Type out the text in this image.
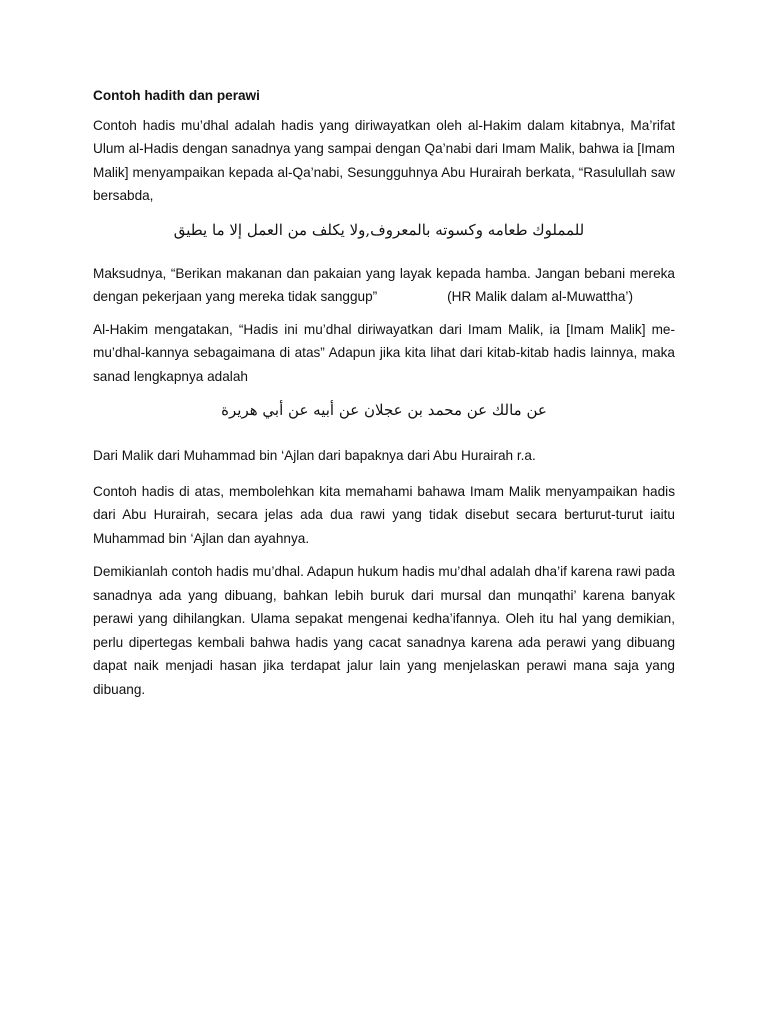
Contoh hadith dan perawi

Contoh hadis mu’dhal adalah hadis yang diriwayatkan oleh al-Hakim dalam kitabnya, Ma’rifat Ulum al-Hadis dengan sanadnya yang sampai dengan Qa’nabi dari Imam Malik, bahwa ia [Imam Malik] menyampaikan kepada al-Qa’nabi, Sesungguhnya Abu Hurairah berkata, “Rasulullah saw bersabda,

للمملوك طعامه وكسوته بالمعروف,ولا يكلف من العمل إلا ما يطيق

Maksudnya, “Berikan makanan dan pakaian yang layak kepada hamba. Jangan bebani mereka dengan pekerjaan yang mereka tidak sanggup”	(HR Malik dalam al-Muwattha’)

Al-Hakim mengatakan, “Hadis ini mu’dhal diriwayatkan dari Imam Malik, ia [Imam Malik] me-mu’dhal-kannya sebagaimana di atas” Adapun jika kita lihat dari kitab-kitab hadis lainnya, maka sanad lengkapnya adalah

عن مالك عن محمد بن عجلان عن أبيه عن أبي هريرة

Dari Malik dari Muhammad bin ‘Ajlan dari bapaknya dari Abu Hurairah r.a.

Contoh hadis di atas, membolehkan kita memahami bahawa Imam Malik menyampaikan hadis dari Abu Hurairah, secara jelas ada dua rawi yang tidak disebut secara berturut-turut iaitu Muhammad bin ‘Ajlan dan ayahnya.

Demikianlah contoh hadis mu’dhal. Adapun hukum hadis mu’dhal adalah dha’if karena rawi pada sanadnya ada yang dibuang, bahkan lebih buruk dari mursal dan munqathi’ karena banyak perawi yang dihilangkan. Ulama sepakat mengenai kedha’ifannya. Oleh itu hal yang demikian, perlu dipertegas kembali bahwa hadis yang cacat sanadnya karena ada perawi yang dibuang dapat naik menjadi hasan jika terdapat jalur lain yang menjelaskan perawi mana saja yang dibuang.
